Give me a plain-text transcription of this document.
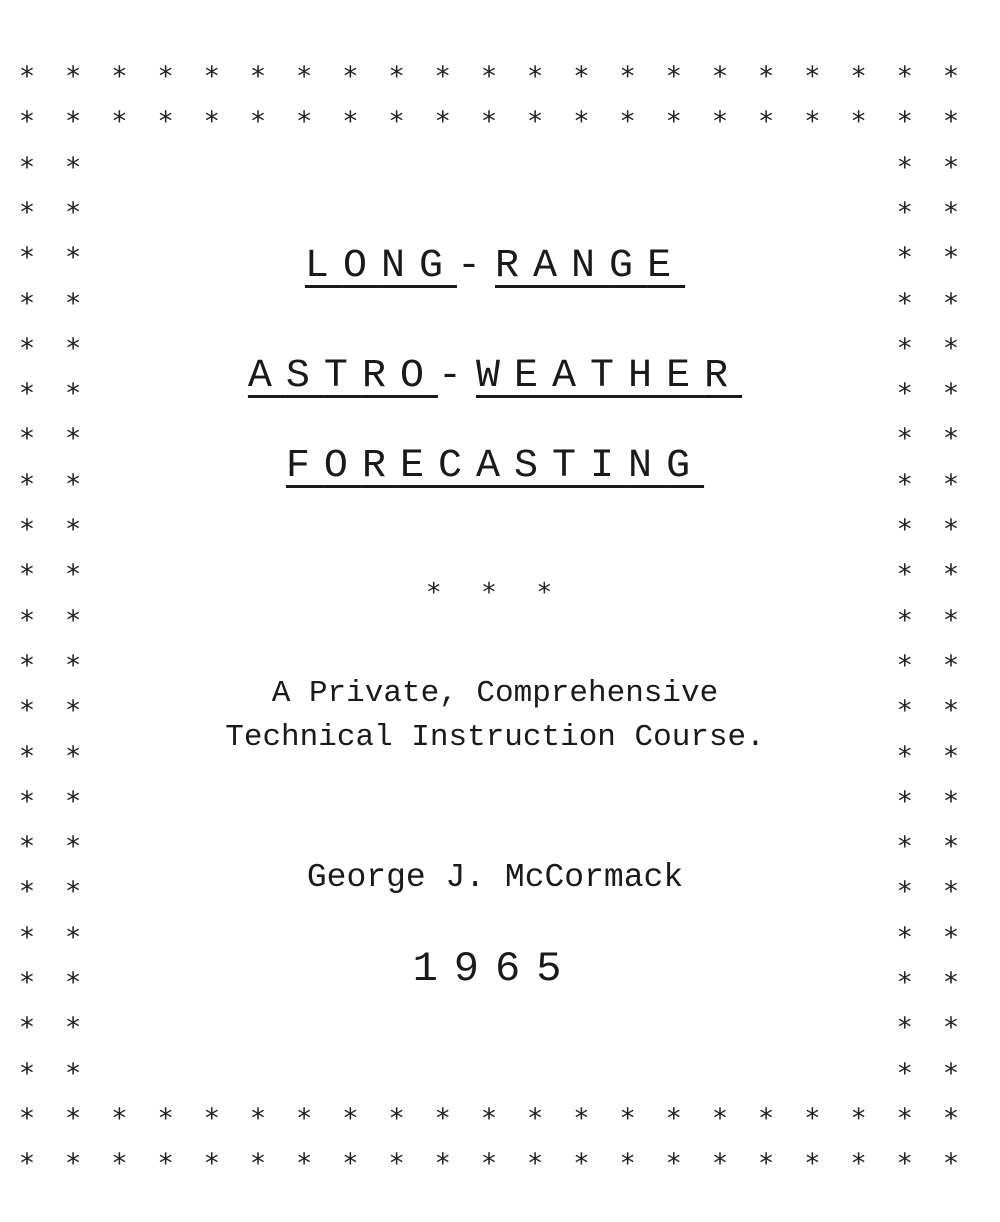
* * * * * * * * * * * * * * * * * * * * *
* * * * * * * * * * * * * * * * * * * * *
* *	* *
* *	* *
* *	* *
* *	* *
* *	* *
* *	* *
* *	* *
* *	* *
* *	* *
* *	* *
* *	* *
* *	* *
* *	* *
* *	* *
* *	* *
* *	* *
* *	* *
* *	* *
* *	* *
* *	* *
* *	* *
* * * * * * * * * * * * * * * * * * * * *
* * * * * * * * * * * * * * * * * * * * *
LONG-RANGE
ASTRO-WEATHER
FORECASTING
* * *
A Private, Comprehensive
Technical Instruction Course.
George J. McCormack
1965
